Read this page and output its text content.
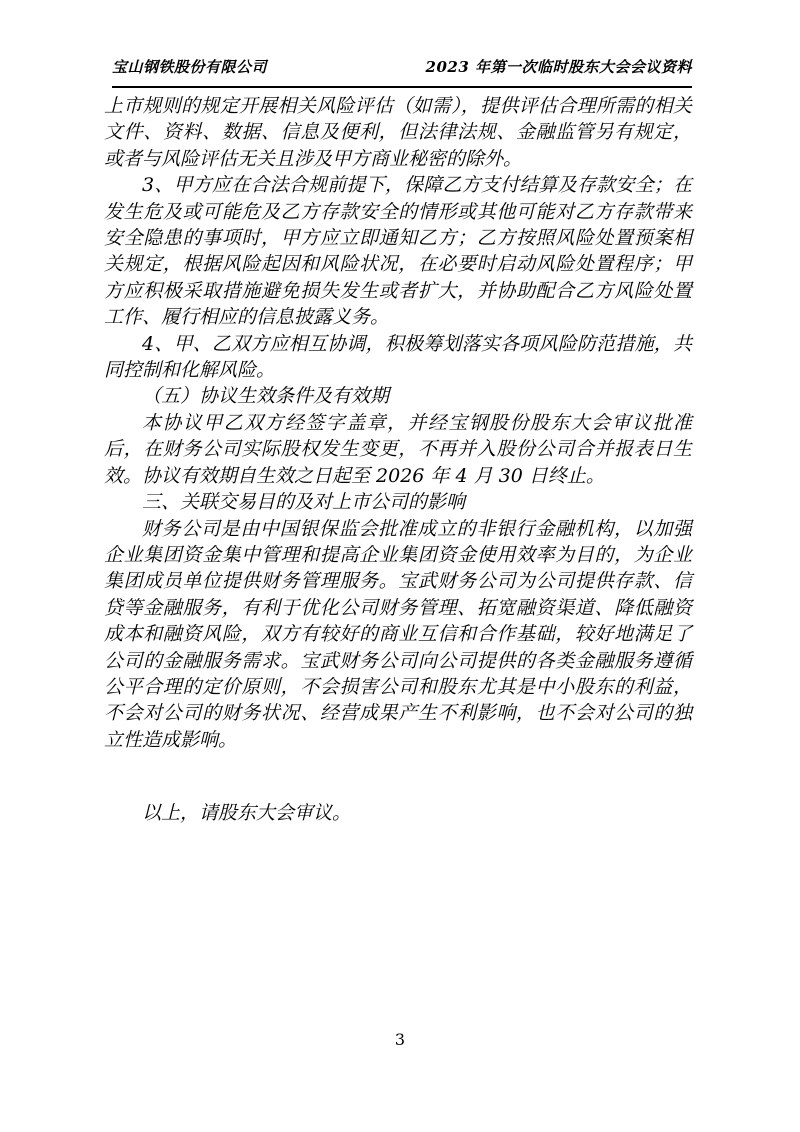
宝山钢铁股份有限公司	2023 年第一次临时股东大会会议资料

上市规则的规定开展相关风险评估（如需），提供评估合理所需的相关文件、资料、数据、信息及便利，但法律法规、金融监管另有规定，或者与风险评估无关且涉及甲方商业秘密的除外。

3、甲方应在合法合规前提下，保障乙方支付结算及存款安全；在发生危及或可能危及乙方存款安全的情形或其他可能对乙方存款带来安全隐患的事项时，甲方应立即通知乙方；乙方按照风险处置预案相关规定，根据风险起因和风险状况，在必要时启动风险处置程序；甲方应积极采取措施避免损失发生或者扩大，并协助配合乙方风险处置工作、履行相应的信息披露义务。

4、甲、乙双方应相互协调，积极筹划落实各项风险防范措施，共同控制和化解风险。

（五）协议生效条件及有效期

本协议甲乙双方经签字盖章，并经宝钢股份股东大会审议批准后，在财务公司实际股权发生变更，不再并入股份公司合并报表日生效。协议有效期自生效之日起至 2026 年 4 月 30 日终止。

三、关联交易目的及对上市公司的影响

财务公司是由中国银保监会批准成立的非银行金融机构，以加强企业集团资金集中管理和提高企业集团资金使用效率为目的，为企业集团成员单位提供财务管理服务。宝武财务公司为公司提供存款、信贷等金融服务，有利于优化公司财务管理、拓宽融资渠道、降低融资成本和融资风险，双方有较好的商业互信和合作基础，较好地满足了公司的金融服务需求。宝武财务公司向公司提供的各类金融服务遵循公平合理的定价原则，不会损害公司和股东尤其是中小股东的利益，不会对公司的财务状况、经营成果产生不利影响，也不会对公司的独立性造成影响。

以上，请股东大会审议。

3
